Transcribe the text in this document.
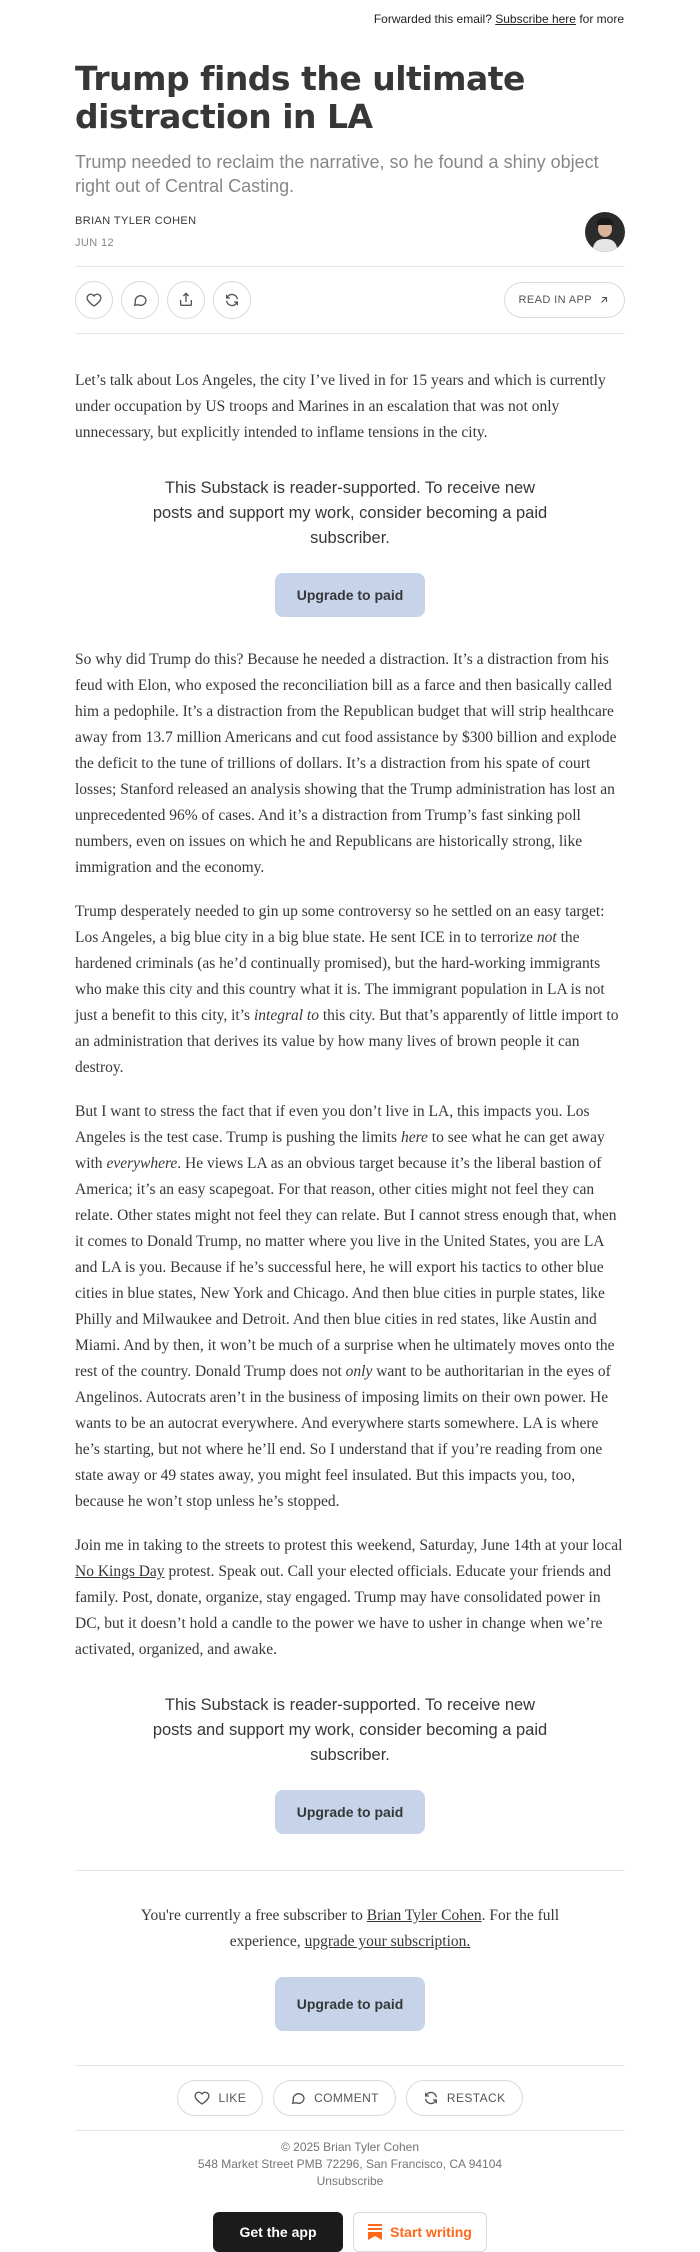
Forwarded this email? Subscribe here for more
Trump finds the ultimate distraction in LA
Trump needed to reclaim the narrative, so he found a shiny object right out of Central Casting.
BRIAN TYLER COHEN
JUN 12
READ IN APP

Let’s talk about Los Angeles, the city I’ve lived in for 15 years and which is currently under occupation by US troops and Marines in an escalation that was not only unnecessary, but explicitly intended to inflame tensions in the city.

This Substack is reader-supported. To receive new posts and support my work, consider becoming a paid subscriber.
Upgrade to paid

So why did Trump do this? Because he needed a distraction. It’s a distraction from his feud with Elon, who exposed the reconciliation bill as a farce and then basically called him a pedophile. It’s a distraction from the Republican budget that will strip healthcare away from 13.7 million Americans and cut food assistance by $300 billion and explode the deficit to the tune of trillions of dollars. It’s a distraction from his spate of court losses; Stanford released an analysis showing that the Trump administration has lost an unprecedented 96% of cases. And it’s a distraction from Trump’s fast sinking poll numbers, even on issues on which he and Republicans are historically strong, like immigration and the economy.

Trump desperately needed to gin up some controversy so he settled on an easy target: Los Angeles, a big blue city in a big blue state. He sent ICE in to terrorize not the hardened criminals (as he’d continually promised), but the hard-working immigrants who make this city and this country what it is. The immigrant population in LA is not just a benefit to this city, it’s integral to this city. But that’s apparently of little import to an administration that derives its value by how many lives of brown people it can destroy.

But I want to stress the fact that if even you don’t live in LA, this impacts you. Los Angeles is the test case. Trump is pushing the limits here to see what he can get away with everywhere. He views LA as an obvious target because it’s the liberal bastion of America; it’s an easy scapegoat. For that reason, other cities might not feel they can relate. Other states might not feel they can relate. But I cannot stress enough that, when it comes to Donald Trump, no matter where you live in the United States, you are LA and LA is you. Because if he’s successful here, he will export his tactics to other blue cities in blue states, New York and Chicago. And then blue cities in purple states, like Philly and Milwaukee and Detroit. And then blue cities in red states, like Austin and Miami. And by then, it won’t be much of a surprise when he ultimately moves onto the rest of the country. Donald Trump does not only want to be authoritarian in the eyes of Angelinos. Autocrats aren’t in the business of imposing limits on their own power. He wants to be an autocrat everywhere. And everywhere starts somewhere. LA is where he’s starting, but not where he’ll end. So I understand that if you’re reading from one state away or 49 states away, you might feel insulated. But this impacts you, too, because he won’t stop unless he’s stopped.

Join me in taking to the streets to protest this weekend, Saturday, June 14th at your local No Kings Day protest. Speak out. Call your elected officials. Educate your friends and family. Post, donate, organize, stay engaged. Trump may have consolidated power in DC, but it doesn’t hold a candle to the power we have to usher in change when we’re activated, organized, and awake.

This Substack is reader-supported. To receive new posts and support my work, consider becoming a paid subscriber.
Upgrade to paid
You're currently a free subscriber to Brian Tyler Cohen. For the full experience, upgrade your subscription.
Upgrade to paid
LIKE	COMMENT	RESTACK
© 2025 Brian Tyler Cohen
548 Market Street PMB 72296, San Francisco, CA 94104
Unsubscribe
Get the app	Start writing
